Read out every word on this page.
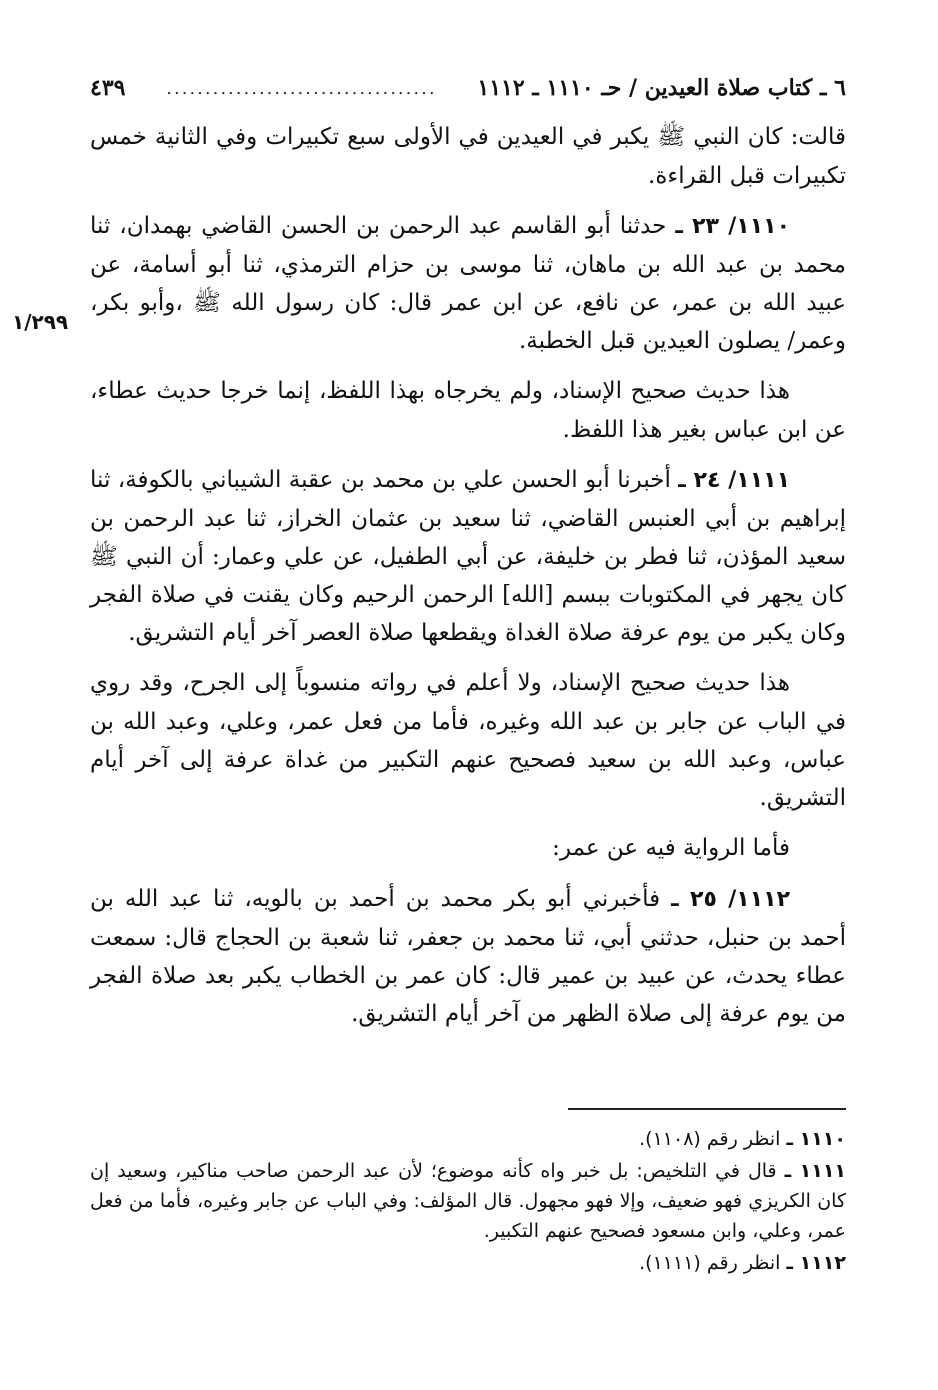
٦ ـ كتاب صلاة العيدين / حـ ١١١٠ ـ ١١١٢
...................................
٤٣٩
١/٢٩٩

قالت: كان النبي ﷺ يكبر في العيدين في الأولى سبع تكبيرات وفي الثانية خمس تكبيرات قبل القراءة.

١١١٠/ ٢٣ ـ حدثنا أبو القاسم عبد الرحمن بن الحسن القاضي بهمدان، ثنا محمد بن عبد الله بن ماهان، ثنا موسى بن حزام الترمذي، ثنا أبو أسامة، عن عبيد الله بن عمر، عن نافع، عن ابن عمر قال: كان رسول الله ﷺ ،وأبو بكر، وعمر/ يصلون العيدين قبل الخطبة.

هذا حديث صحيح الإسناد، ولم يخرجاه بهذا اللفظ، إنما خرجا حديث عطاء، عن ابن عباس بغير هذا اللفظ.

١١١١/ ٢٤ ـ أخبرنا أبو الحسن علي بن محمد بن عقبة الشيباني بالكوفة، ثنا إبراهيم بن أبي العنبس القاضي، ثنا سعيد بن عثمان الخراز، ثنا عبد الرحمن بن سعيد المؤذن، ثنا فطر بن خليفة، عن أبي الطفيل، عن علي وعمار: أن النبي ﷺ كان يجهر في المكتوبات ببسم [الله] الرحمن الرحيم وكان يقنت في صلاة الفجر وكان يكبر من يوم عرفة صلاة الغداة ويقطعها صلاة العصر آخر أيام التشريق.

هذا حديث صحيح الإسناد، ولا أعلم في رواته منسوباً إلى الجرح، وقد روي في الباب عن جابر بن عبد الله وغيره، فأما من فعل عمر، وعلي، وعبد الله بن عباس، وعبد الله بن سعيد فصحيح عنهم التكبير من غداة عرفة إلى آخر أيام التشريق.

فأما الرواية فيه عن عمر:

١١١٢/ ٢٥ ـ فأخبرني أبو بكر محمد بن أحمد بن بالويه، ثنا عبد الله بن أحمد بن حنبل، حدثني أبي، ثنا محمد بن جعفر، ثنا شعبة بن الحجاج قال: سمعت عطاء يحدث، عن عبيد بن عمير قال: كان عمر بن الخطاب يكبر بعد صلاة الفجر من يوم عرفة إلى صلاة الظهر من آخر أيام التشريق.

١١١٠ ـ انظر رقم (١١٠٨).

١١١١ ـ قال في التلخيص: بل خبر واه كأنه موضوع؛ لأن عبد الرحمن صاحب مناكير، وسعيد إن كان الكريزي فهو ضعيف، وإلا فهو مجهول. قال المؤلف: وفي الباب عن جابر وغيره، فأما من فعل عمر، وعلي، وابن مسعود فصحيح عنهم التكبير.

١١١٢ ـ انظر رقم (١١١١).
